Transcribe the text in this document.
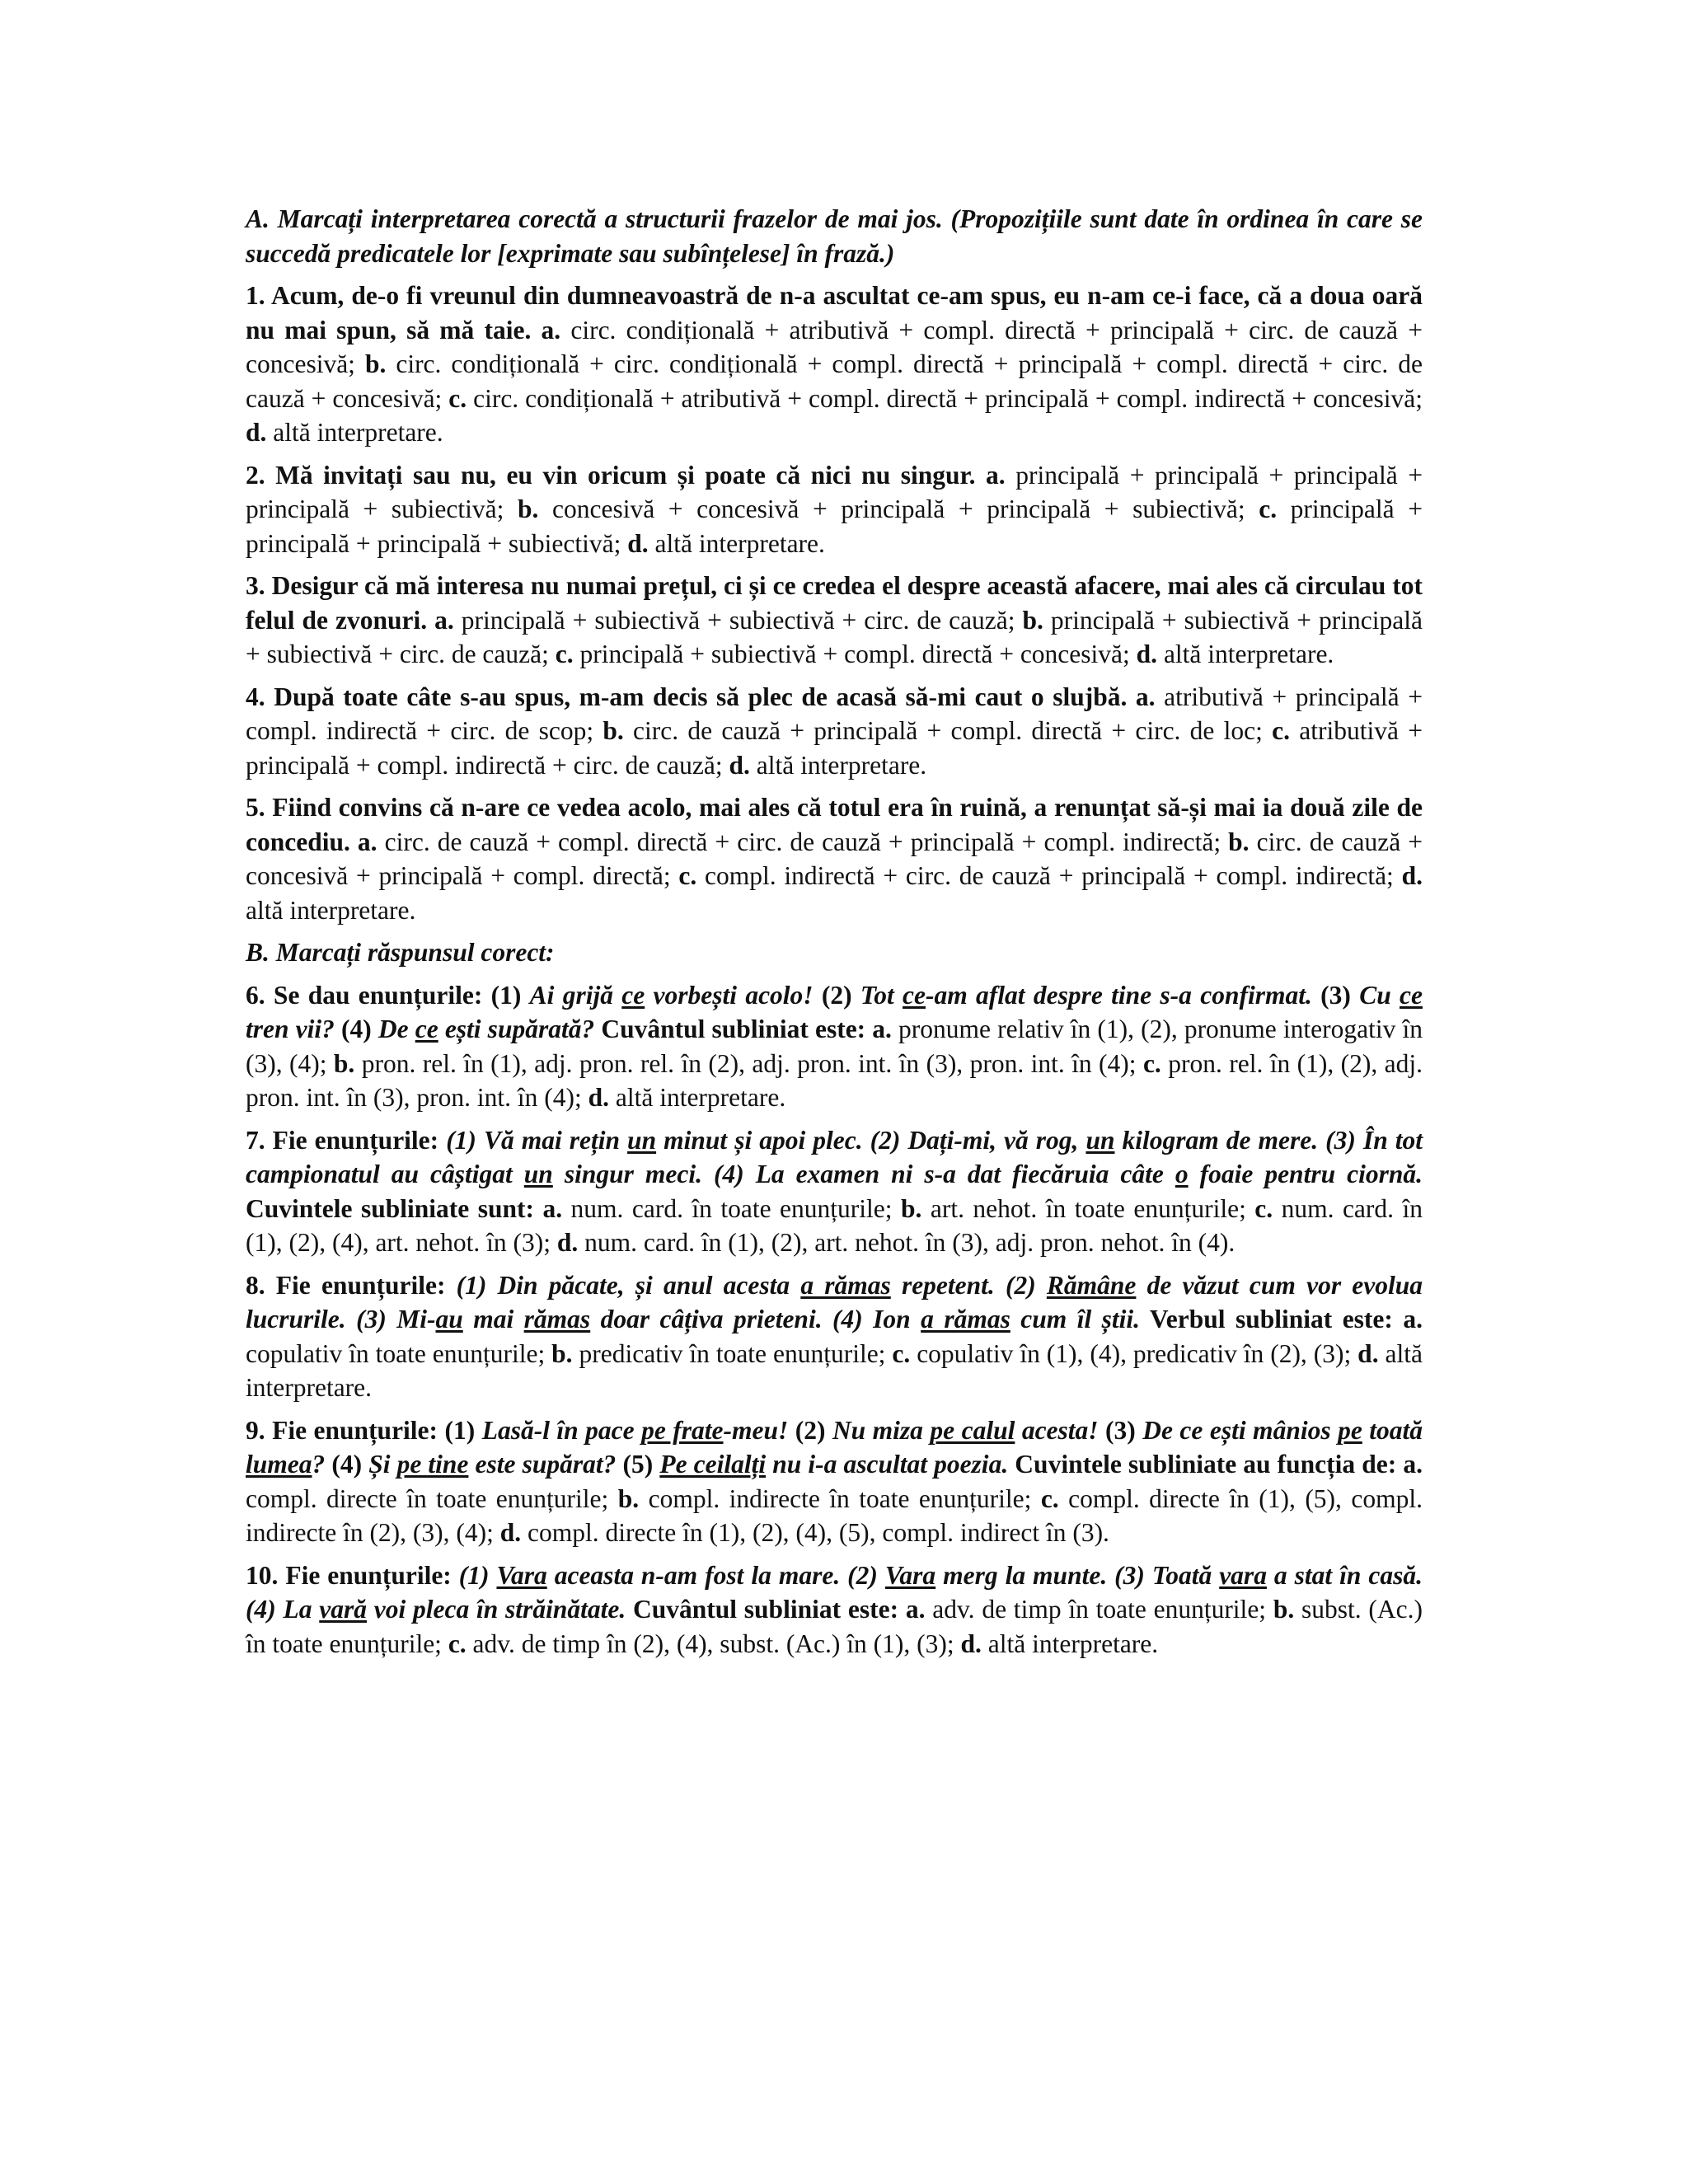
A. Marcați interpretarea corectă a structurii frazelor de mai jos. (Propozițiile sunt date în ordinea în care se succedă predicatele lor [exprimate sau subînțelese] în frază.)

1. Acum, de-o fi vreunul din dumneavoastră de n-a ascultat ce-am spus, eu n-am ce-i face, că a doua oară nu mai spun, să mă taie. a. circ. condițională + atributivă + compl. directă + principală + circ. de cauză + concesivă; b. circ. condițională + circ. condițională + compl. directă + principală + compl. directă + circ. de cauză + concesivă; c. circ. condițională + atributivă + compl. directă + principală + compl. indirectă + concesivă; d. altă interpretare.

2. Mă invitați sau nu, eu vin oricum și poate că nici nu singur. a. principală + principală + principală + principală + subiectivă; b. concesivă + concesivă + principală + principală + subiectivă; c. principală + principală + principală + subiectivă; d. altă interpretare.

3. Desigur că mă interesa nu numai prețul, ci și ce credea el despre această afacere, mai ales că circulau tot felul de zvonuri. a. principală + subiectivă + subiectivă + circ. de cauză; b. principală + subiectivă + principală + subiectivă + circ. de cauză; c. principală + subiectivă + compl. directă + concesivă; d. altă interpretare.

4. După toate câte s-au spus, m-am decis să plec de acasă să-mi caut o slujbă. a. atributivă + principală + compl. indirectă + circ. de scop; b. circ. de cauză + principală + compl. directă + circ. de loc; c. atributivă + principală + compl. indirectă + circ. de cauză; d. altă interpretare.

5. Fiind convins că n-are ce vedea acolo, mai ales că totul era în ruină, a renunțat să-și mai ia două zile de concediu. a. circ. de cauză + compl. directă + circ. de cauză + principală + compl. indirectă; b. circ. de cauză + concesivă + principală + compl. directă; c. compl. indirectă + circ. de cauză + principală + compl. indirectă; d. altă interpretare.

B. Marcați răspunsul corect:

6. Se dau enunțurile: (1) Ai grijă ce vorbești acolo! (2) Tot ce-am aflat despre tine s-a confirmat. (3) Cu ce tren vii? (4) De ce ești supărată? Cuvântul subliniat este: a. pronume relativ în (1), (2), pronume interogativ în (3), (4); b. pron. rel. în (1), adj. pron. rel. în (2), adj. pron. int. în (3), pron. int. în (4); c. pron. rel. în (1), (2), adj. pron. int. în (3), pron. int. în (4); d. altă interpretare.

7. Fie enunțurile: (1) Vă mai rețin un minut și apoi plec. (2) Dați-mi, vă rog, un kilogram de mere. (3) În tot campionatul au câștigat un singur meci. (4) La examen ni s-a dat fiecăruia câte o foaie pentru ciornă. Cuvintele subliniate sunt: a. num. card. în toate enunțurile; b. art. nehot. în toate enunțurile; c. num. card. în (1), (2), (4), art. nehot. în (3); d. num. card. în (1), (2), art. nehot. în (3), adj. pron. nehot. în (4).

8. Fie enunțurile: (1) Din păcate, și anul acesta a rămas repetent. (2) Rămâne de văzut cum vor evolua lucrurile. (3) Mi-au mai rămas doar câțiva prieteni. (4) Ion a rămas cum îl știi. Verbul subliniat este: a. copulativ în toate enunțurile; b. predicativ în toate enunțurile; c. copulativ în (1), (4), predicativ în (2), (3); d. altă interpretare.

9. Fie enunțurile: (1) Lasă-l în pace pe frate-meu! (2) Nu miza pe calul acesta! (3) De ce ești mânios pe toată lumea? (4) Și pe tine este supărat? (5) Pe ceilalți nu i-a ascultat poezia. Cuvintele subliniate au funcția de: a. compl. directe în toate enunțurile; b. compl. indirecte în toate enunțurile; c. compl. directe în (1), (5), compl. indirecte în (2), (3), (4); d. compl. directe în (1), (2), (4), (5), compl. indirect în (3).

10. Fie enunțurile: (1) Vara aceasta n-am fost la mare. (2) Vara merg la munte. (3) Toată vara a stat în casă. (4) La vară voi pleca în străinătate. Cuvântul subliniat este: a. adv. de timp în toate enunțurile; b. subst. (Ac.) în toate enunțurile; c. adv. de timp în (2), (4), subst. (Ac.) în (1), (3); d. altă interpretare.
